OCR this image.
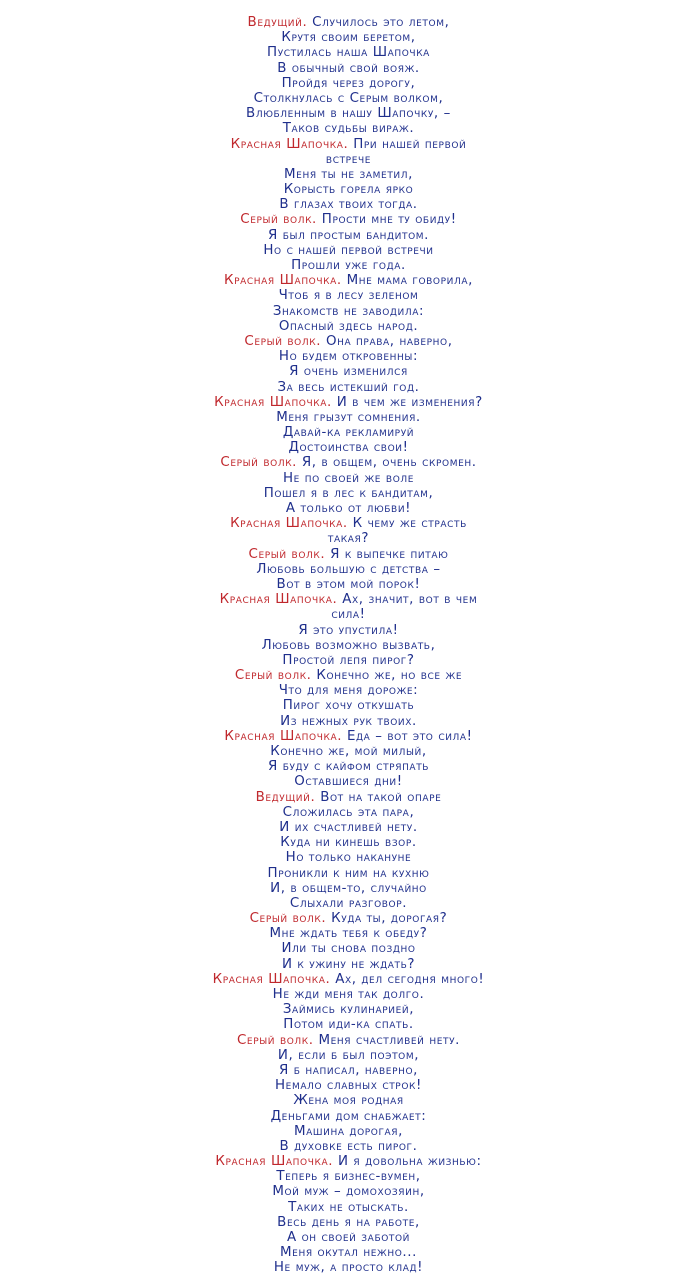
Ведущий. Случилось это летом,
Крутя своим беретом,
Пустилась наша Шапочка
В обычный свой вояж.
Пройдя через дорогу,
Столкнулась с Серым волком,
Влюбленным в нашу Шапочку, –
Таков судьбы вираж.
Красная Шапочка. При нашей первой
встрече
Меня ты не заметил,
Корысть горела ярко
В глазах твоих тогда.
Серый волк. Прости мне ту обиду!
Я был простым бандитом.
Но с нашей первой встречи
Прошли уже года.
Красная Шапочка. Мне мама говорила,
Чтоб я в лесу зеленом
Знакомств не заводила:
Опасный здесь народ.
Серый волк. Она права, наверно,
Но будем откровенны:
Я очень изменился
За весь истекший год.
Красная Шапочка. И в чем же изменения?
Меня грызут сомнения.
Давай-ка рекламируй
Достоинства свои!
Серый волк. Я, в общем, очень скромен.
Не по своей же воле
Пошел я в лес к бандитам,
А только от любви!
Красная Шапочка. К чему же страсть
такая?
Серый волк. Я к выпечке питаю
Любовь большую с детства –
Вот в этом мой порок!
Красная Шапочка. Ах, значит, вот в чем
сила!
Я это упустила!
Любовь возможно вызвать,
Простой лепя пирог?
Серый волк. Конечно же, но все же
Что для меня дороже:
Пирог хочу откушать
Из нежных рук твоих.
Красная Шапочка. Еда – вот это сила!
Конечно же, мой милый,
Я буду с кайфом стряпать
Оставшиеся дни!
Ведущий. Вот на такой опаре
Сложилась эта пара,
И их счастливей нету.
Куда ни кинешь взор.
Но только накануне
Проникли к ним на кухню
И, в общем-то, случайно
Слыхали разговор.
Серый волк. Куда ты, дорогая?
Мне ждать тебя к обеду?
Или ты снова поздно
И к ужину не ждать?
Красная Шапочка. Ах, дел сегодня много!
Не жди меня так долго.
Займись кулинарией,
Потом иди-ка спать.
Серый волк. Меня счастливей нету.
И, если б был поэтом,
Я б написал, наверно,
Немало славных строк!
Жена моя родная
Деньгами дом снабжает:
Машина дорогая,
В духовке есть пирог.
Красная Шапочка. И я довольна жизнью:
Теперь я бизнес-вумен,
Мой муж – домохозяин,
Таких не отыскать.
Весь день я на работе,
А он своей заботой
Меня окутал нежно...
Не муж, а просто клад!
